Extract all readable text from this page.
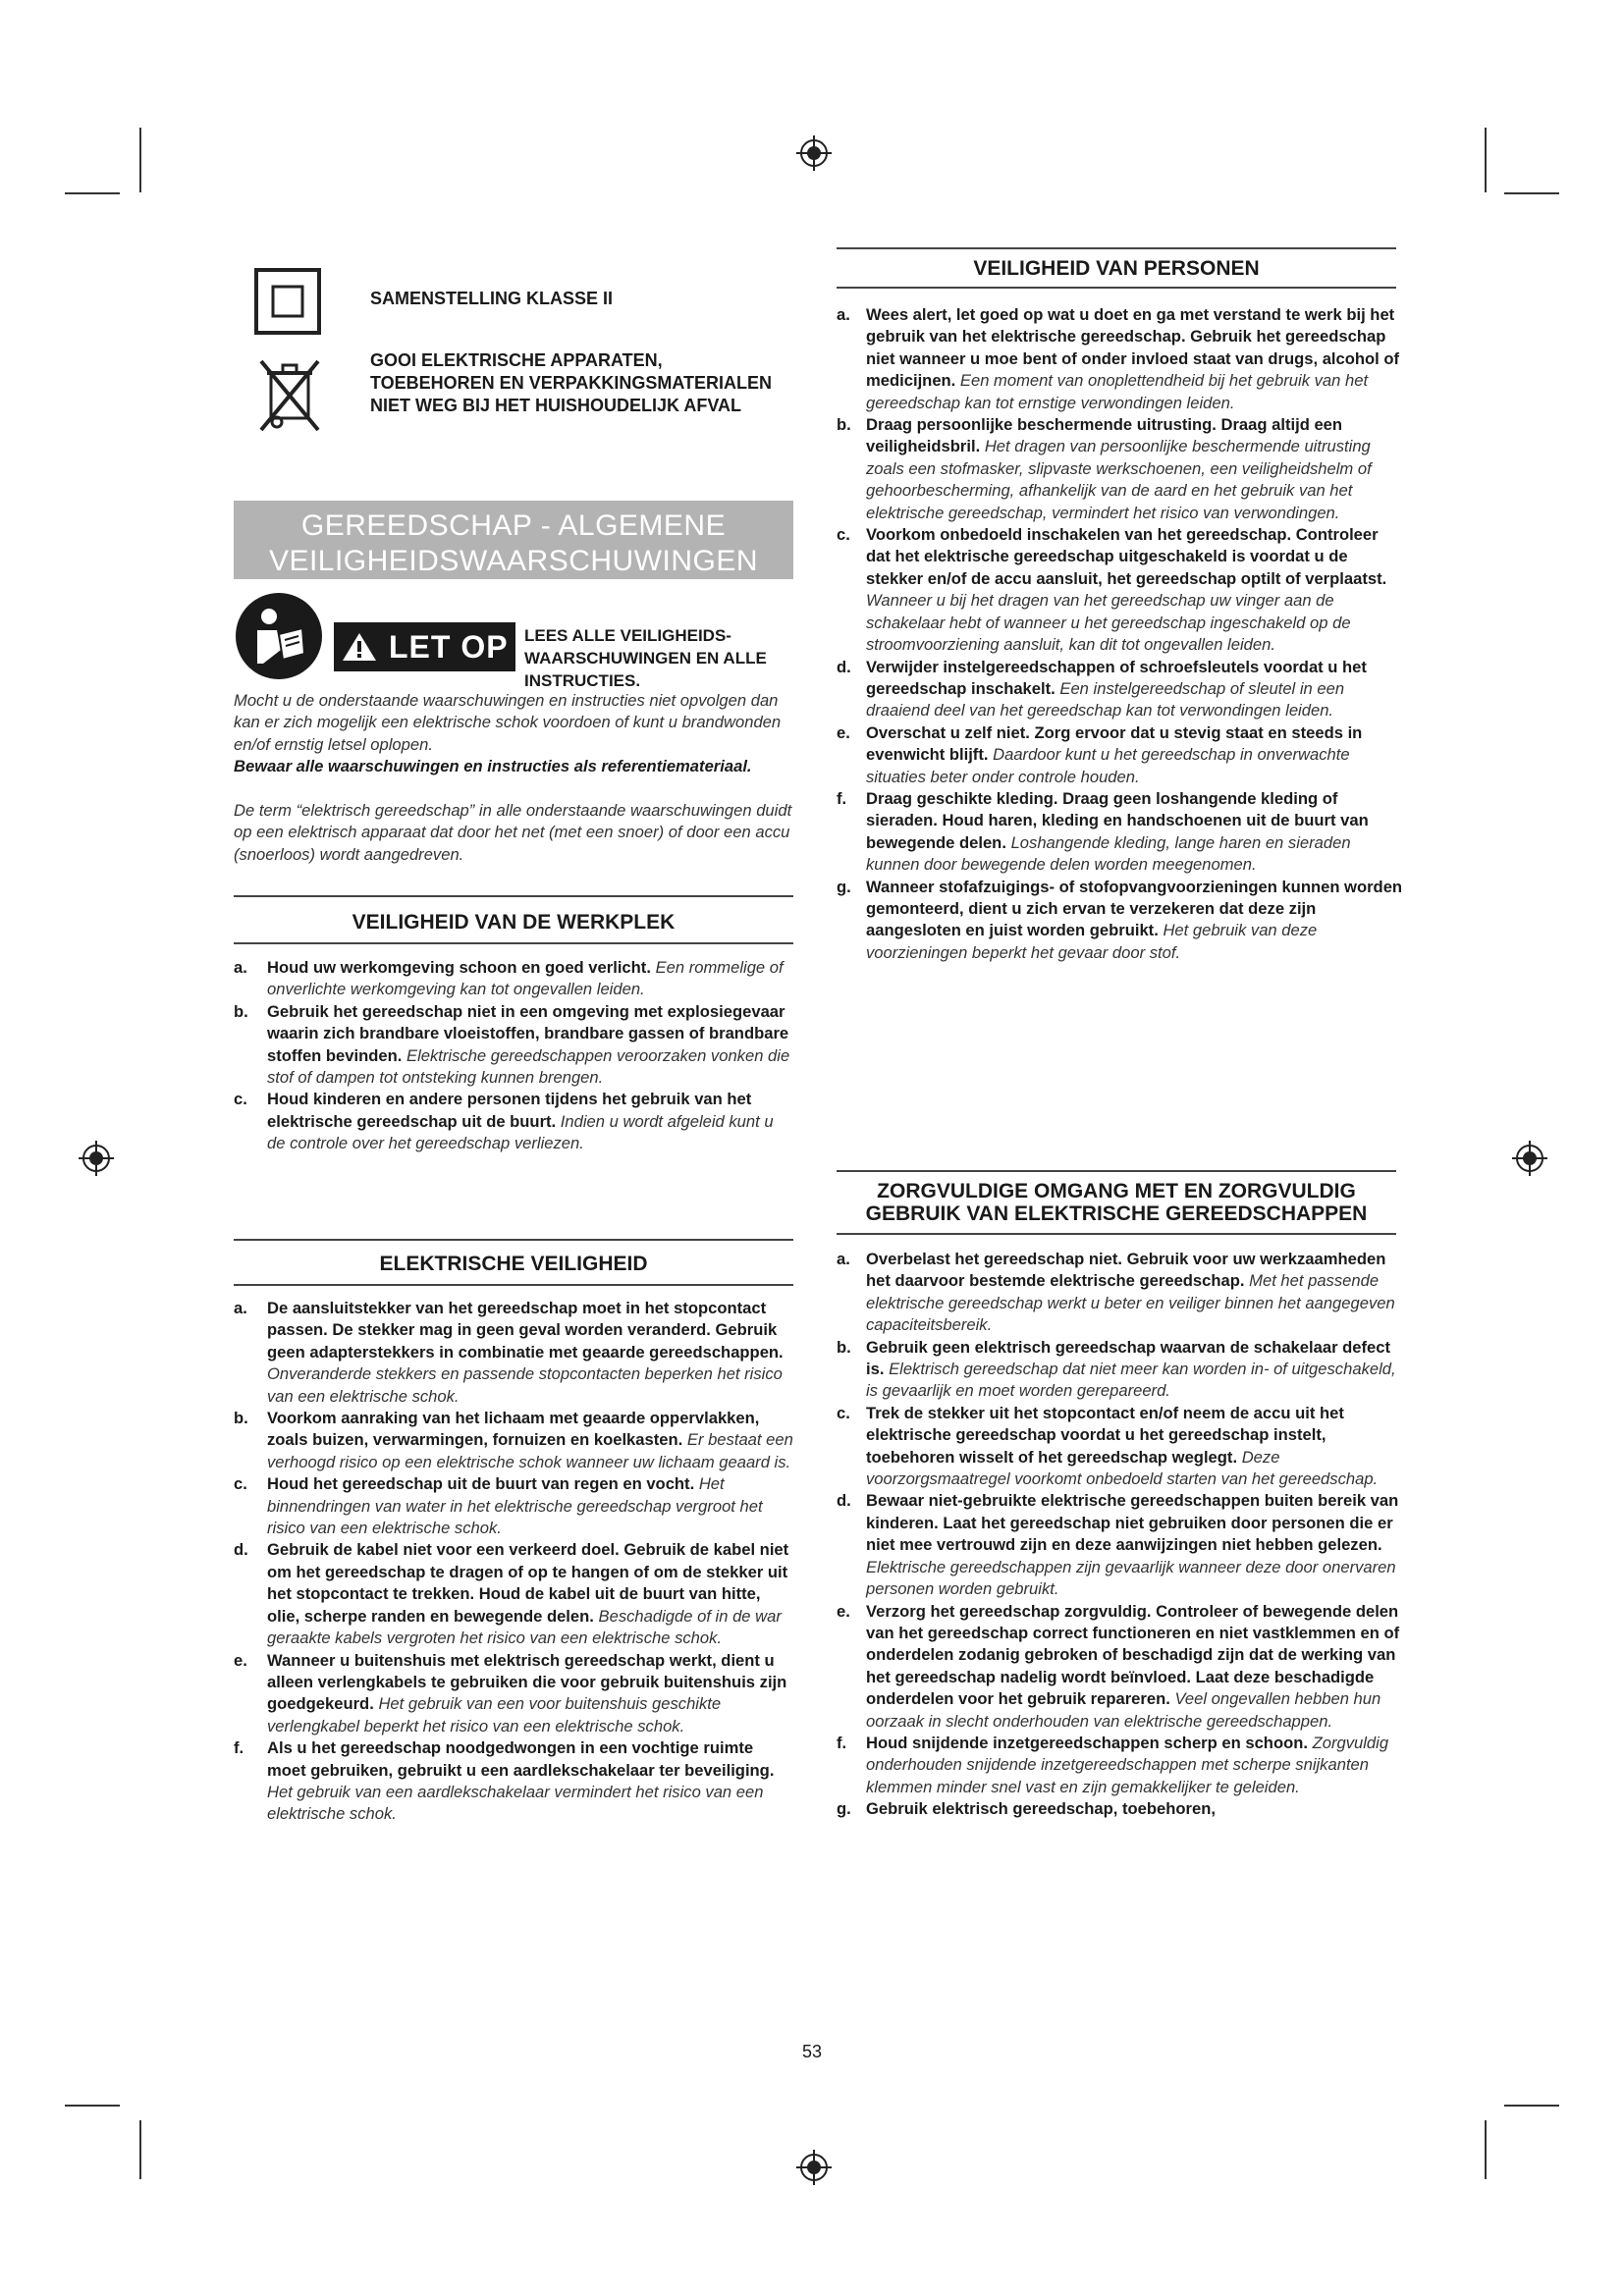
SAMENSTELLING KLASSE II
GOOI ELEKTRISCHE APPARATEN, TOEBEHOREN EN VERPAKKINGSMATERIALEN NIET WEG BIJ HET HUISHOUDELIJK AFVAL
GEREEDSCHAP - ALGEMENE
VEILIGHEIDSWAARSCHUWINGEN
LET OP LEES ALLE VEILIGHEIDS-WAARSCHUWINGEN EN ALLE INSTRUCTIES.
Mocht u de onderstaande waarschuwingen en instructies niet opvolgen dan kan er zich mogelijk een elektrische schok voordoen of kunt u brandwonden en/of ernstig letsel oplopen.
Bewaar alle waarschuwingen en instructies als referentiemateriaal.
De term “elektrisch gereedschap” in alle onderstaande waarschuwingen duidt op een elektrisch apparaat dat door het net (met een snoer) of door een accu (snoerloos) wordt aangedreven.
VEILIGHEID VAN DE WERKPLEK
a. Houd uw werkomgeving schoon en goed verlicht. Een rommelige of onverlichte werkomgeving kan tot ongevallen leiden.
b. Gebruik het gereedschap niet in een omgeving met explosiegevaar waarin zich brandbare vloeistoffen, brandbare gassen of brandbare stoffen bevinden. Elektrische gereedschappen veroorzaken vonken die stof of dampen tot ontsteking kunnen brengen.
c. Houd kinderen en andere personen tijdens het gebruik van het elektrische gereedschap uit de buurt. Indien u wordt afgeleid kunt u de controle over het gereedschap verliezen.
ELEKTRISCHE VEILIGHEID
a. De aansluitstekker van het gereedschap moet in het stopcontact passen. De stekker mag in geen geval worden veranderd. Gebruik geen adapterstekkers in combinatie met geaarde gereedschappen. Onveranderde stekkers en passende stopcontacten beperken het risico van een elektrische schok.
b. Voorkom aanraking van het lichaam met geaarde oppervlakken, zoals buizen, verwarmingen, fornuizen en koelkasten. Er bestaat een verhoogd risico op een elektrische schok wanneer uw lichaam geaard is.
c. Houd het gereedschap uit de buurt van regen en vocht. Het binnendringen van water in het elektrische gereedschap vergroot het risico van een elektrische schok.
d. Gebruik de kabel niet voor een verkeerd doel. Gebruik de kabel niet om het gereedschap te dragen of op te hangen of om de stekker uit het stopcontact te trekken. Houd de kabel uit de buurt van hitte, olie, scherpe randen en bewegende delen. Beschadigde of in de war geraakte kabels vergroten het risico van een elektrische schok.
e. Wanneer u buitenshuis met elektrisch gereedschap werkt, dient u alleen verlengkabels te gebruiken die voor gebruik buitenshuis zijn goedgekeurd. Het gebruik van een voor buitenshuis geschikte verlengkabel beperkt het risico van een elektrische schok.
f. Als u het gereedschap noodgedwongen in een vochtige ruimte moet gebruiken, gebruikt u een aardlekschakelaar ter beveiliging. Het gebruik van een aardlekschakelaar vermindert het risico van een elektrische schok.
VEILIGHEID VAN PERSONEN
a. Wees alert, let goed op wat u doet en ga met verstand te werk bij het gebruik van het elektrische gereedschap. Gebruik het gereedschap niet wanneer u moe bent of onder invloed staat van drugs, alcohol of medicijnen. Een moment van onoplettendheid bij het gebruik van het gereedschap kan tot ernstige verwondingen leiden.
b. Draag persoonlijke beschermende uitrusting. Draag altijd een veiligheidsbril. Het dragen van persoonlijke beschermende uitrusting zoals een stofmasker, slipvaste werkschoenen, een veiligheidshelm of gehoorbescherming, afhankelijk van de aard en het gebruik van het elektrische gereedschap, vermindert het risico van verwondingen.
c. Voorkom onbedoeld inschakelen van het gereedschap. Controleer dat het elektrische gereedschap uitgeschakeld is voordat u de stekker en/of de accu aansluit, het gereedschap optilt of verplaatst. Wanneer u bij het dragen van het gereedschap uw vinger aan de schakelaar hebt of wanneer u het gereedschap ingeschakeld op de stroomvoorziening aansluit, kan dit tot ongevallen leiden.
d. Verwijder instelgereedschappen of schroefsleutels voordat u het gereedschap inschakelt. Een instelgereedschap of sleutel in een draaiend deel van het gereedschap kan tot verwondingen leiden.
e. Overschat u zelf niet. Zorg ervoor dat u stevig staat en steeds in evenwicht blijft. Daardoor kunt u het gereedschap in onverwachte situaties beter onder controle houden.
f. Draag geschikte kleding. Draag geen loshangende kleding of sieraden. Houd haren, kleding en handschoenen uit de buurt van bewegende delen. Loshangende kleding, lange haren en sieraden kunnen door bewegende delen worden meegenomen.
g. Wanneer stofafzuigings- of stofopvangvoorzieningen kunnen worden gemonteerd, dient u zich ervan te verzekeren dat deze zijn aangesloten en juist worden gebruikt. Het gebruik van deze voorzieningen beperkt het gevaar door stof.
ZORGVULDIGE OMGANG MET EN ZORGVULDIG
GEBRUIK VAN ELEKTRISCHE GEREEDSCHAPPEN
a. Overbelast het gereedschap niet. Gebruik voor uw werkzaamheden het daarvoor bestemde elektrische gereedschap. Met het passende elektrische gereedschap werkt u beter en veiliger binnen het aangegeven capaciteitsbereik.
b. Gebruik geen elektrisch gereedschap waarvan de schakelaar defect is. Elektrisch gereedschap dat niet meer kan worden in- of uitgeschakeld, is gevaarlijk en moet worden gerepareerd.
c. Trek de stekker uit het stopcontact en/of neem de accu uit het elektrische gereedschap voordat u het gereedschap instelt, toebehoren wisselt of het gereedschap weglegt. Deze voorzorgsmaatregel voorkomt onbedoeld starten van het gereedschap.
d. Bewaar niet-gebruikte elektrische gereedschappen buiten bereik van kinderen. Laat het gereedschap niet gebruiken door personen die er niet mee vertrouwd zijn en deze aanwijzingen niet hebben gelezen. Elektrische gereedschappen zijn gevaarlijk wanneer deze door onervaren personen worden gebruikt.
e. Verzorg het gereedschap zorgvuldig. Controleer of bewegende delen van het gereedschap correct functioneren en niet vastklemmen en of onderdelen zodanig gebroken of beschadigd zijn dat de werking van het gereedschap nadelig wordt beïnvloed. Laat deze beschadigde onderdelen voor het gebruik repareren. Veel ongevallen hebben hun oorzaak in slecht onderhouden van elektrische gereedschappen.
f. Houd snijdende inzetgereedschappen scherp en schoon. Zorgvuldig onderhouden snijdende inzetgereedschappen met scherpe snijkanten klemmen minder snel vast en zijn gemakkelijker te geleiden.
g. Gebruik elektrisch gereedschap, toebehoren,
53
